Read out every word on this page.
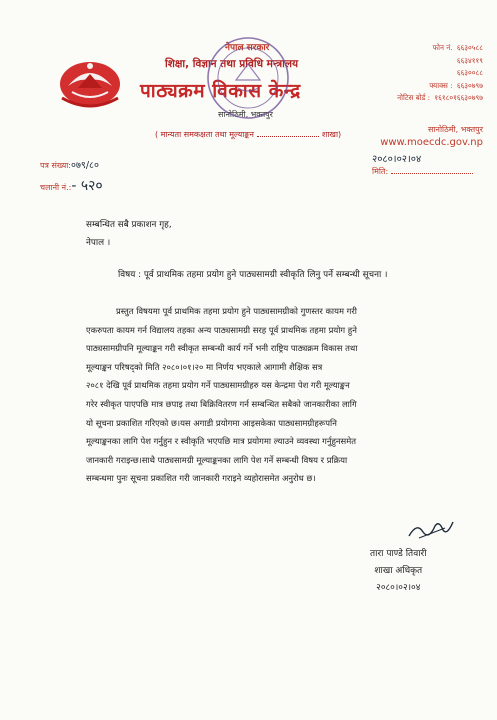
नेपाल सरकार
शिक्षा, विज्ञान तथा प्रविधि मन्त्रालय
पाठ्यक्रम विकास केन्द्र
सानोठिमी, भक्तपुर
( मान्यता समकक्षता तथा मूल्याङ्कन	शाखा)
फोन नं. ६६३०५८८
६६३४११९
६६३००८८
फ्याक्स : ६६३०७९७
नोटिस बोर्ड : १६१८०१६६३०७९७
सानोठिमी, भक्तपुर
www.moecdc.gov.np
२०८०।०२।०४
मिति:
पत्र संख्या:०७९/८०
चलानी नं.:- ५२०
सम्बन्धित सबै प्रकाशन गृह,
नेपाल ।
विषय : पूर्व प्राथमिक तहमा प्रयोग हुने पाठ्यसामग्री स्वीकृति लिनु पर्ने सम्बन्धी सूचना ।
प्रस्तुत विषयमा पूर्व प्राथमिक तहमा प्रयोग हुने पाठ्यसामग्रीको गुणस्तर कायम गरी
एकरुपता कायम गर्न विद्यालय तहका अन्य पाठ्यसामग्री सरह पूर्व प्राथमिक तहमा प्रयोग हुने
पाठ्यसामग्रीपनि मूल्याङ्कन गरी स्वीकृत सम्बन्धी कार्य गर्ने भनी राष्ट्रिय पाठ्यक्रम विकास तथा
मूल्याङ्कन परिषद्को मिति २०८०।०१।२० मा निर्णय भएकाले आगामी शैक्षिक सत्र
२०८१ देखि पूर्व प्राथमिक तहमा प्रयोग गर्ने पाठ्यसामग्रीहरु यस केन्द्रमा पेश गरी मूल्याङ्कन
गरेर स्वीकृत पाएपछि मात्र छपाइ तथा बिक्रिवितरण गर्न सम्बन्धित सबैको जानकारीका लागि
यो सूचना प्रकाशित गरिएको छ।यस अगाडी प्रयोगमा आइसकेका पाठ्यसामग्रीहरूपनि
मूल्याङ्कनका लागि पेश गर्नुहुन र स्वीकृति भएपछि मात्र प्रयोगमा ल्याउने व्यवस्था गर्नुहुनसमेत
जानकारी गराइन्छ।साथै पाठ्यसामग्री मूल्याङ्कनका लागि पेश गर्ने सम्बन्धी विषय र प्रक्रिया
सम्बन्धमा पुनः सूचना प्रकाशित गरी जानकारी गराइने व्यहोरासमेत अनुरोध छ।
तारा पाण्डे तिवारी
शाखा अधिकृत
२०८०।०२।०४
